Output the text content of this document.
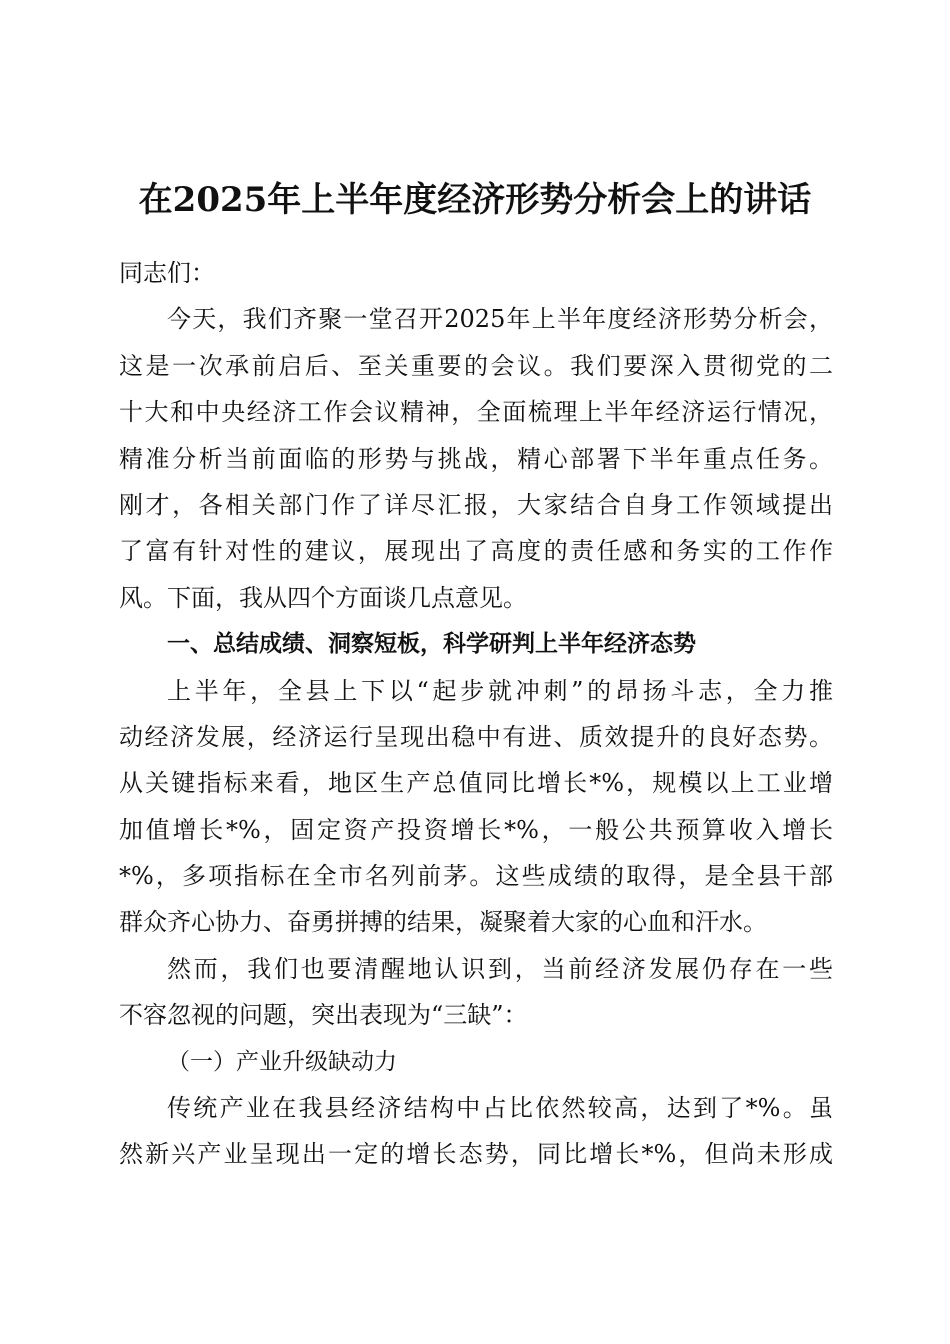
在2025年上半年度经济形势分析会上的讲话
同志们：
今天，我们齐聚一堂召开2025年上半年度经济形势分析会，
这是一次承前启后、至关重要的会议。我们要深入贯彻党的二
十大和中央经济工作会议精神，全面梳理上半年经济运行情况，
精准分析当前面临的形势与挑战，精心部署下半年重点任务。
刚才，各相关部门作了详尽汇报，大家结合自身工作领域提出
了富有针对性的建议，展现出了高度的责任感和务实的工作作
风。下面，我从四个方面谈几点意见。
一、总结成绩、洞察短板，科学研判上半年经济态势
上半年，全县上下以“起步就冲刺”的昂扬斗志，全力推
动经济发展，经济运行呈现出稳中有进、质效提升的良好态势。
从关键指标来看，地区生产总值同比增长*%，规模以上工业增
加值增长*%，固定资产投资增长*%，一般公共预算收入增长
*%，多项指标在全市名列前茅。这些成绩的取得，是全县干部
群众齐心协力、奋勇拼搏的结果，凝聚着大家的心血和汗水。
然而，我们也要清醒地认识到，当前经济发展仍存在一些
不容忽视的问题，突出表现为“三缺”：
（一）产业升级缺动力
传统产业在我县经济结构中占比依然较高，达到了*%。虽
然新兴产业呈现出一定的增长态势，同比增长*%，但尚未形成
